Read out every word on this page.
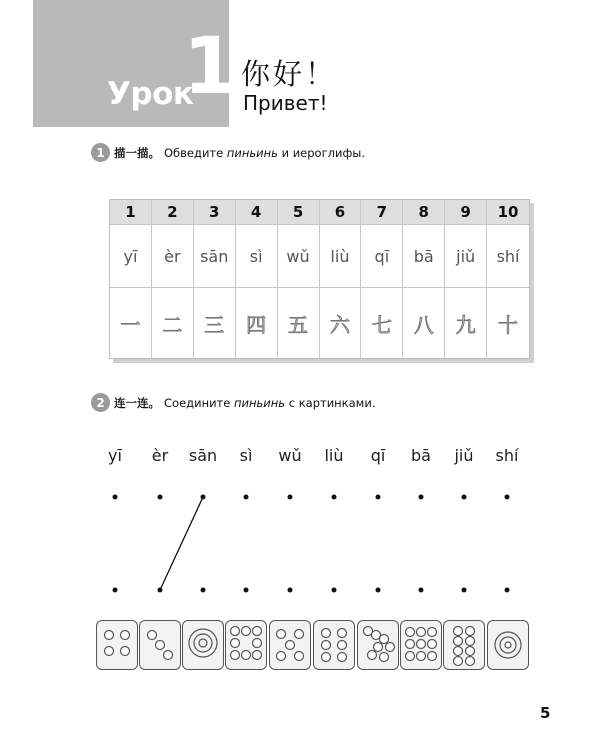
Урок
1 你好！
Привет!
1 描一描。 Обведите пиньинь и иероглифы.
1	2	3	4	5	6	7	8	9	10
yī	èr	sān	sì	wǔ	liù	qī	bā	jiǔ	shí
一	二	三	四	五	六	七	八	九	十
2 连一连。 Соедините пиньинь с картинками.
yī èr sān sì wǔ liù qī bā jiǔ shí
5
